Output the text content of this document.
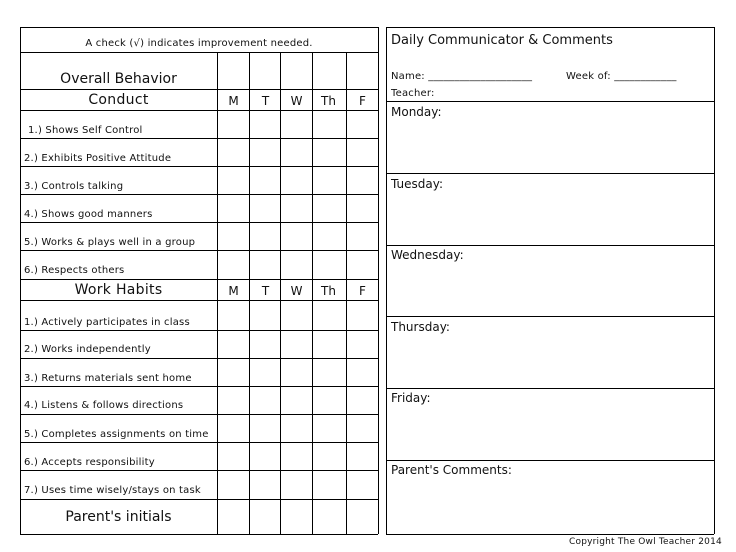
A check (√) indicates improvement needed.
Overall Behavior
Conduct	M	T	W	Th	F
1.) Shows Self Control
2.) Exhibits Positive Attitude
3.) Controls talking
4.) Shows good manners
5.) Works & plays well in a group
6.) Respects others
Work Habits	M	T	W	Th	F
1.) Actively participates in class
2.) Works independently
3.) Returns materials sent home
4.) Listens & follows directions
5.) Completes assignments on time
6.) Accepts responsibility
7.) Uses time wisely/stays on task
Parent's initials
Daily Communicator & Comments
Name: ____________________	Week of: ____________
Teacher:
Monday:
Tuesday:
Wednesday:
Thursday:
Friday:
Parent's Comments:
Copyright The Owl Teacher 2014
